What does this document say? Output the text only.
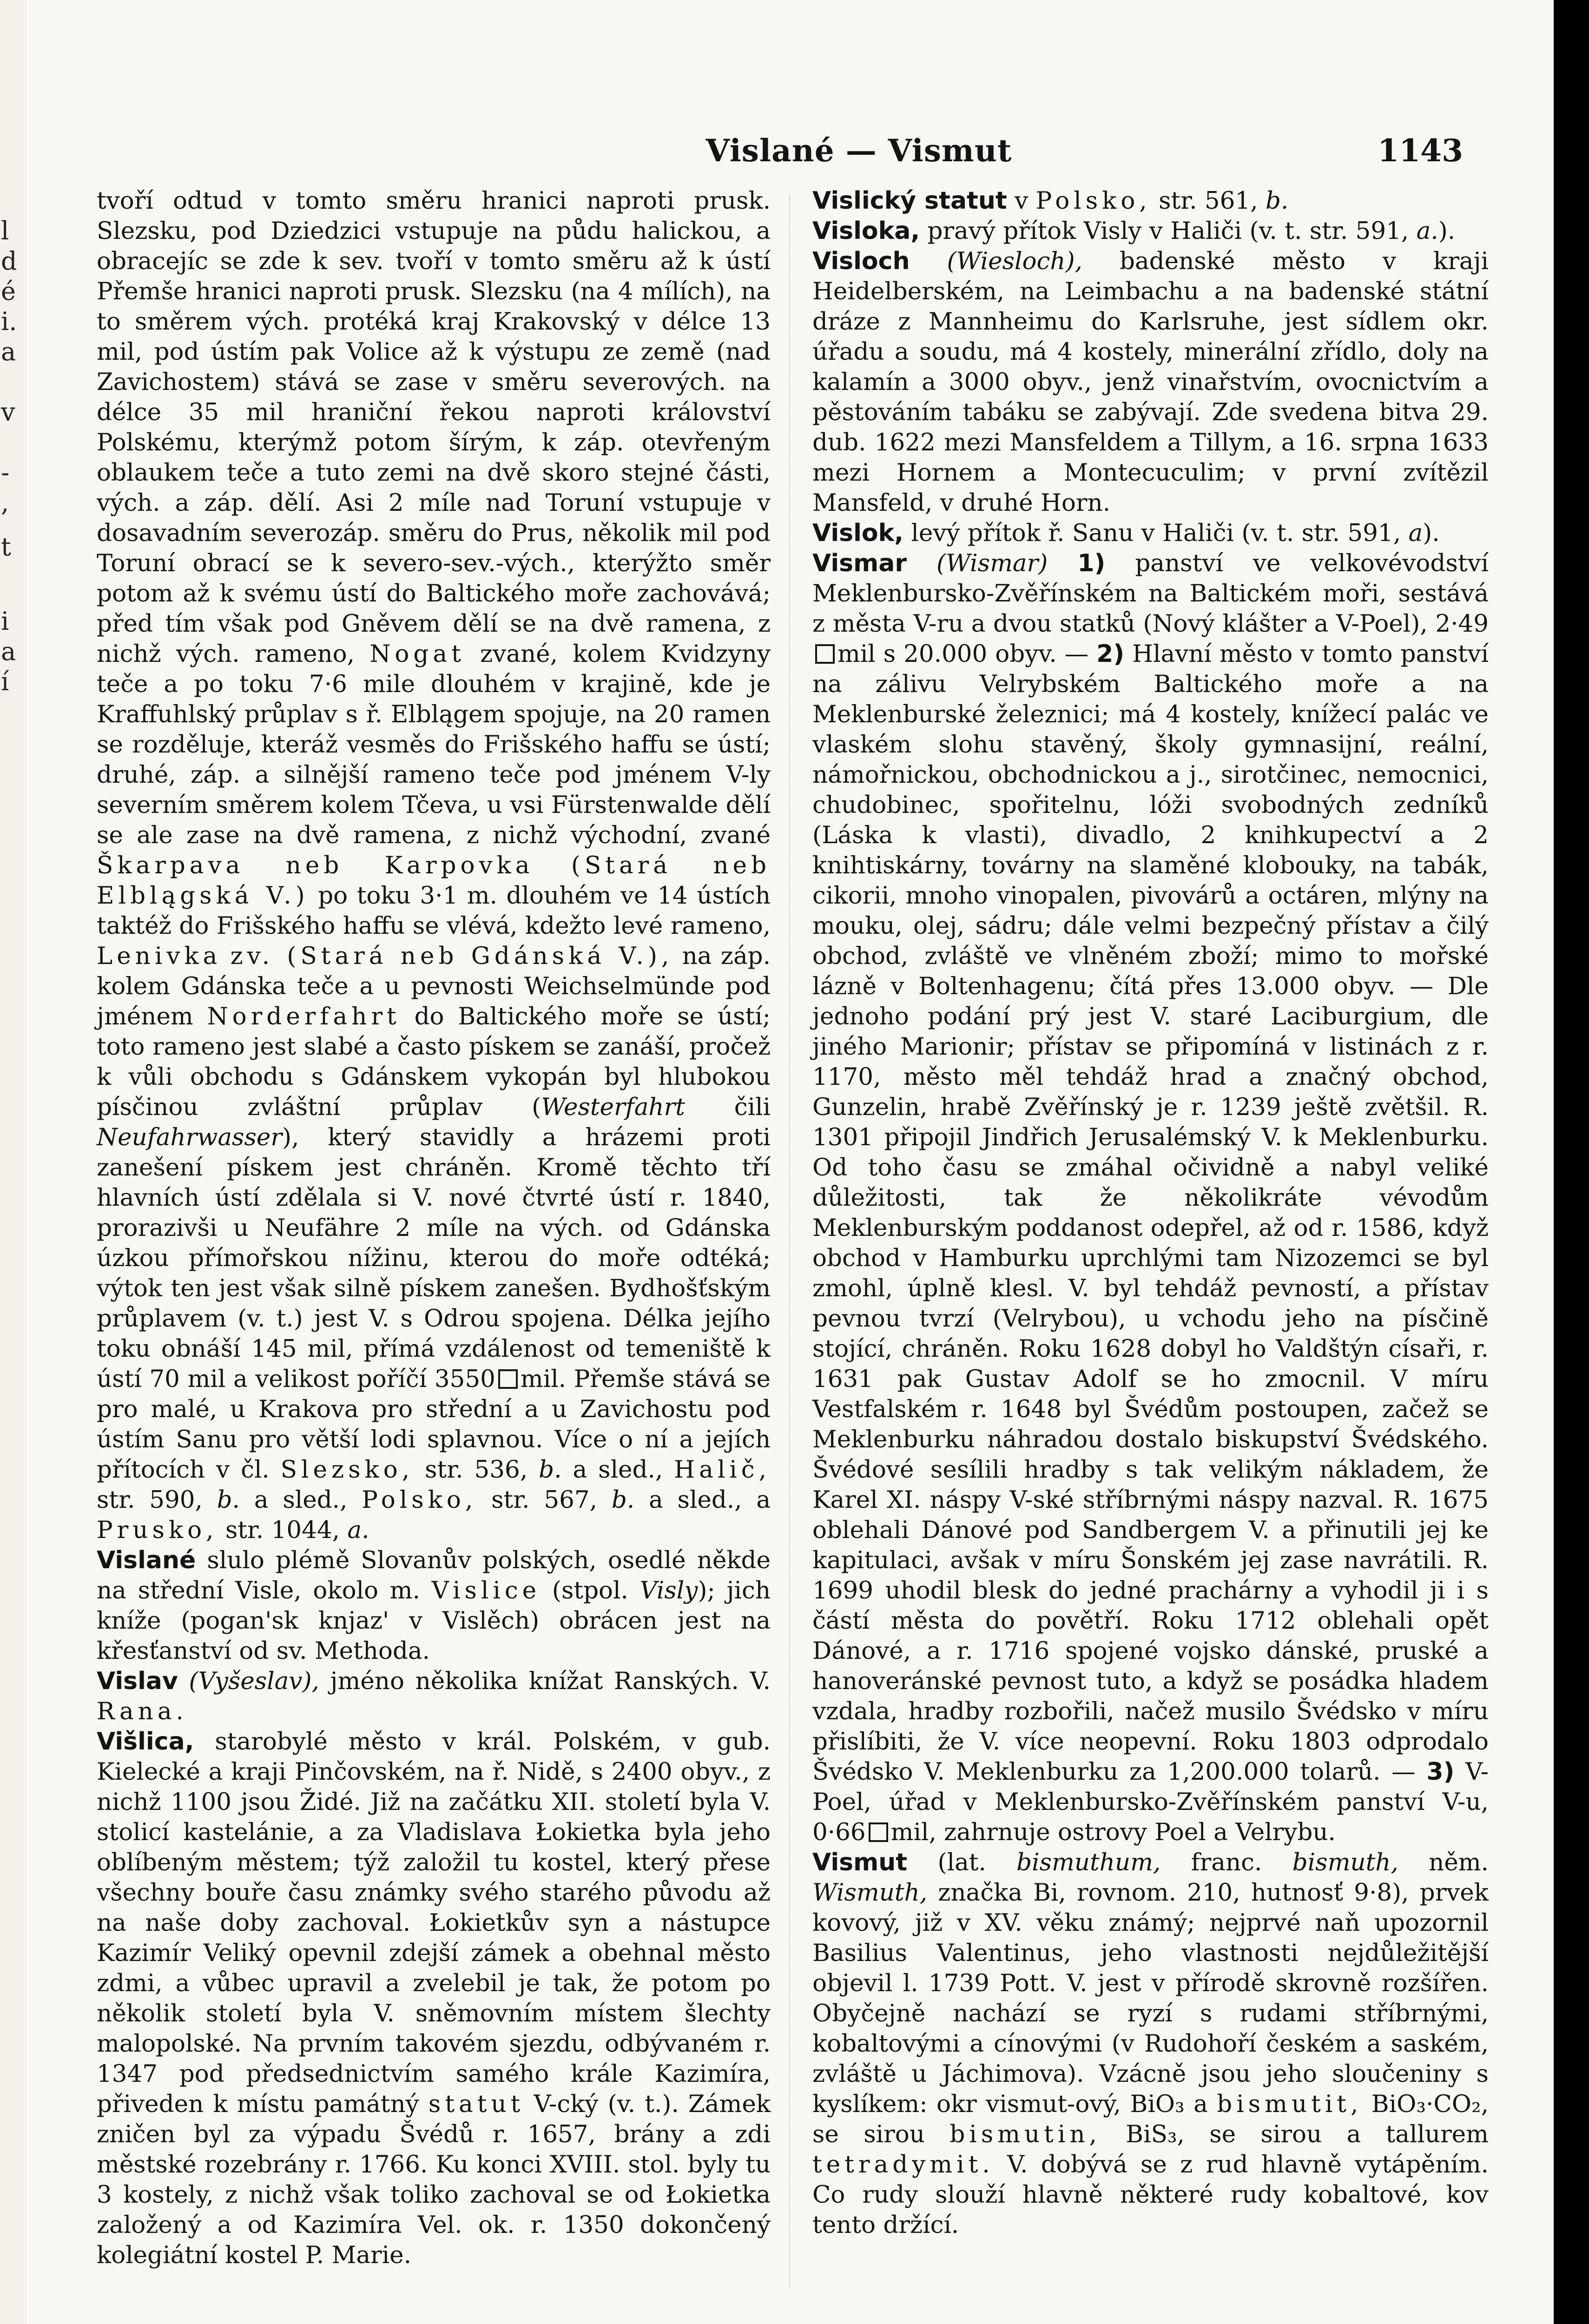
l
d
é
i.
a
v
-
,
t
i
a
í
Vislané — Vismut	1143

tvoří odtud v tomto směru hranici naproti prusk. Slezsku, pod Dziedzici vstupuje na půdu halickou, a obracejíc se zde k sev. tvoří v tomto směru až k ústí Přemše hranici naproti prusk. Slezsku (na 4 mílích), na to směrem vých. protéká kraj Krakovský v délce 13 mil, pod ústím pak Volice až k výstupu ze země (nad Zavichostem) stává se zase v směru severových. na délce 35 mil hraniční řekou naproti království Polskému, kterýmž potom šírým, k záp. otevřeným oblaukem teče a tuto zemi na dvě skoro stejné části, vých. a záp. dělí. Asi 2 míle nad Toruní vstupuje v dosavadním severozáp. směru do Prus, několik mil pod Toruní obrací se k severo-sev.-vých., kterýžto směr potom až k svému ústí do Baltického moře zachovává; před tím však pod Gněvem dělí se na dvě ramena, z nichž vých. rameno, Nogat zvané, kolem Kvidzyny teče a po toku 7·6 mile dlouhém v krajině, kde je Kraffuhlský průplav s ř. Elblągem spojuje, na 20 ramen se rozděluje, kteráž vesměs do Frišského haffu se ústí; druhé, záp. a silnější rameno teče pod jménem V-ly severním směrem kolem Tčeva, u vsi Fürstenwalde dělí se ale zase na dvě ramena, z nichž východní, zvané Škarpava neb Karpovka (Stará neb Elblągská V.) po toku 3·1 m. dlouhém ve 14 ústích taktéž do Frišského haffu se vlévá, kdežto levé rameno, Lenivka zv. (Stará neb Gdánská V.), na záp. kolem Gdánska teče a u pevnosti Weichselmünde pod jménem Norderfahrt do Baltického moře se ústí; toto rameno jest slabé a často pískem se zanáší, pročež k vůli obchodu s Gdánskem vykopán byl hlubokou písčinou zvláštní průplav (Westerfahrt čili Neufahrwasser), který stavidly a hrázemi proti zanešení pískem jest chráněn. Kromě těchto tří hlavních ústí zdělala si V. nové čtvrté ústí r. 1840, prorazivši u Neufähre 2 míle na vých. od Gdánska úzkou přímořskou nížinu, kterou do moře odtéká; výtok ten jest však silně pískem zanešen. Bydhošťským průplavem (v. t.) jest V. s Odrou spojena. Délka jejího toku obnáší 145 mil, přímá vzdálenost od temeniště k ústí 70 mil a velikost poříčí 3550 mil. Přemše stává se pro malé, u Krakova pro střední a u Zavichostu pod ústím Sanu pro větší lodi splavnou. Více o ní a jejích přítocích v čl. Slezsko, str. 536, b. a sled., Halič, str. 590, b. a sled., Polsko, str. 567, b. a sled., a Prusko, str. 1044, a.

Vislané slulo plémě Slovanův polských, osedlé někde na střední Visle, okolo m. Vislice (stpol. Visly); jich kníže (pogan'sk knjaz' v Vislěch) obrácen jest na křesťanství od sv. Methoda.

Vislav (Vyšeslav), jméno několika knížat Ranských. V. Rana.

Višlica, starobylé město v král. Polském, v gub. Kielecké a kraji Pinčovském, na ř. Nidě, s 2400 obyv., z nichž 1100 jsou Židé. Již na začátku XII. století byla V. stolicí kastelánie, a za Vladislava Łokietka byla jeho oblíbeným městem; týž založil tu kostel, který přese všechny bouře času známky svého starého původu až na naše doby zachoval. Łokietkův syn a nástupce Kazimír Veliký opevnil zdejší zámek a obehnal město zdmi, a vůbec upravil a zvelebil je tak, že potom po několik století byla V. sněmovním místem šlechty malopolské. Na prvním takovém sjezdu, odbývaném r. 1347 pod předsednictvím samého krále Kazimíra, přiveden k místu památný statut V-cký (v. t.). Zámek zničen byl za výpadu Švédů r. 1657, brány a zdi městské rozebrány r. 1766. Ku konci XVIII. stol. byly tu 3 kostely, z nichž však toliko zachoval se od Łokietka založený a od Kazimíra Vel. ok. r. 1350 dokončený kolegiátní kostel P. Marie.

Vislický statut v Polsko, str. 561, b.

Visloka, pravý přítok Visly v Haliči (v. t. str. 591, a.).

Visloch (Wiesloch), badenské město v kraji Heidelberském, na Leimbachu a na badenské státní dráze z Mannheimu do Karlsruhe, jest sídlem okr. úřadu a soudu, má 4 kostely, minerální zřídlo, doly na kalamín a 3000 obyv., jenž vinařstvím, ovocnictvím a pěstováním tabáku se zabývají. Zde svedena bitva 29. dub. 1622 mezi Mansfeldem a Tillym, a 16. srpna 1633 mezi Hornem a Montecuculim; v první zvítězil Mansfeld, v druhé Horn.

Vislok, levý přítok ř. Sanu v Haliči (v. t. str. 591, a).

Vismar (Wismar) 1) panství ve velkovévodství Meklenbursko-Zvěřínském na Baltickém moři, sestává z města V-ru a dvou statků (Nový klášter a V-Poel), 2·49mil s 20.000 obyv. — 2) Hlavní město v tomto panství na zálivu Velrybském Baltického moře a na Meklenburské železnici; má 4 kostely, knížecí palác ve vlaském slohu stavěný, školy gymnasijní, reální, námořnickou, obchodnickou a j., sirotčinec, nemocnici, chudobinec, spořitelnu, lóži svobodných zedníků (Láska k vlasti), divadlo, 2 knihkupectví a 2 knihtiskárny, továrny na slaměné klobouky, na tabák, cikorii, mnoho vinopalen, pivovárů a octáren, mlýny na mouku, olej, sádru; dále velmi bezpečný přístav a čilý obchod, zvláště ve vlněném zboží; mimo to mořské lázně v Boltenhagenu; čítá přes 13.000 obyv. — Dle jednoho podání prý jest V. staré Laciburgium, dle jiného Marionir; přístav se připomíná v listinách z r. 1170, město měl tehdáž hrad a značný obchod, Gunzelin, hrabě Zvěřínský je r. 1239 ještě zvětšil. R. 1301 připojil Jindřich Jerusalémský V. k Meklenburku. Od toho času se zmáhal očividně a nabyl veliké důležitosti, tak že několikráte vévodům Meklenburským poddanost odepřel, až od r. 1586, když obchod v Hamburku uprchlými tam Nizozemci se byl zmohl, úplně klesl. V. byl tehdáž pevností, a přístav pevnou tvrzí (Velrybou), u vchodu jeho na písčině stojící, chráněn. Roku 1628 dobyl ho Valdštýn císaři, r. 1631 pak Gustav Adolf se ho zmocnil. V míru Vestfalském r. 1648 byl Švédům postoupen, začež se Meklenburku náhradou dostalo biskupství Švédského. Švédové sesílili hradby s tak velikým nákladem, že Karel XI. náspy V-ské stříbrnými náspy nazval. R. 1675 oblehali Dánové pod Sandbergem V. a přinutili jej ke kapitulaci, avšak v míru Šonském jej zase navrátili. R. 1699 uhodil blesk do jedné prachárny a vyhodil ji i s částí města do povětří. Roku 1712 oblehali opět Dánové, a r. 1716 spojené vojsko dánské, pruské a hanoveránské pevnost tuto, a když se posádka hladem vzdala, hradby rozbořili, načež musilo Švédsko v míru přislíbiti, že V. více neopevní. Roku 1803 odprodalo Švédsko V. Meklenburku za 1,200.000 tolarů. — 3) V-Poel, úřad v Meklenbursko-Zvěřínském panství V-u, 0·66 mil, zahrnuje ostrovy Poel a Velrybu.

Vismut (lat. bismuthum, franc. bismuth, něm. Wismuth, značka Bi, rovnom. 210, hutnosť 9·8), prvek kovový, již v XV. věku známý; nejprvé naň upozornil Basilius Valentinus, jeho vlastnosti nejdůležitější objevil l. 1739 Pott. V. jest v přírodě skrovně rozšířen. Obyčejně nachází se ryzí s rudami stříbrnými, kobaltovými a cínovými (v Rudohoří českém a saském, zvláště u Jáchimova). Vzácně jsou jeho sloučeniny s kyslíkem: okr vismut-ový, BiO₃ a bismutit, BiO₃·CO₂, se sirou bismutin, BiS₃, se sirou a tallurem tetradymit. V. dobývá se z rud hlavně vytápěním. Co rudy slouží hlavně některé rudy kobaltové, kov tento držící.
